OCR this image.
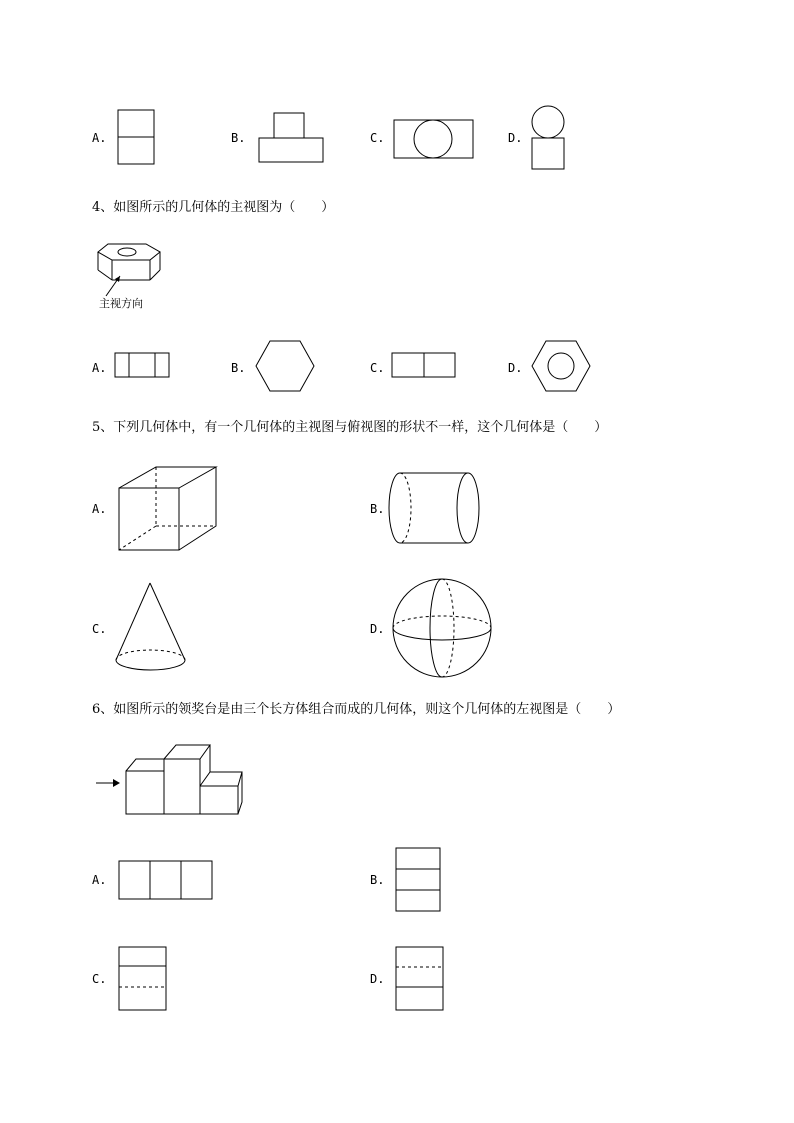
A.	B.	C.	D.
4、如图所示的几何体的主视图为（　　）
主视方向
A.	B.	C.	D.
5、下列几何体中，有一个几何体的主视图与俯视图的形状不一样，这个几何体是（　　）
A.	B.
C.	D.
6、如图所示的领奖台是由三个长方体组合而成的几何体，则这个几何体的左视图是（　　）
A.	B.
C.	D.
